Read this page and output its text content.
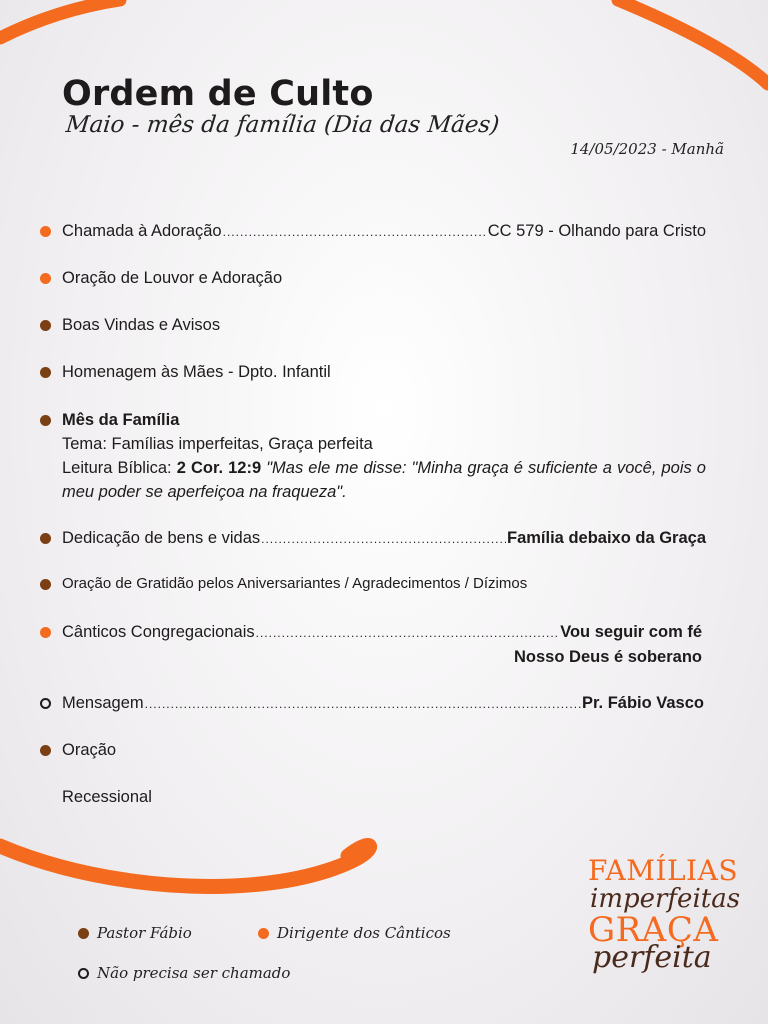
Ordem de Culto
Maio - mês da família (Dia das Mães)
14/05/2023 - Manhã
Chamada à Adoração .....	CC 579 - Olhando para Cristo
Oração de Louvor e Adoração
Boas Vindas e Avisos
Homenagem às Mães - Dpto. Infantil
Mês da Família
Tema: Famílias imperfeitas, Graça perfeita
Leitura Bíblica: 2 Cor. 12:9 "Mas ele me disse: "Minha graça é suficiente a você, pois o meu poder se aperfeiçoa na fraqueza".
Dedicação de bens e vidas .....	Família debaixo da Graça
Oração de Gratidão pelos Aniversariantes / Agradecimentos / Dízimos
Cânticos Congregacionais .....	Vou seguir com fé
Nosso Deus é soberano
Mensagem .....	Pr. Fábio Vasco
Oração
Recessional
Pastor Fábio	Dirigente dos Cânticos
Não precisa ser chamado
FAMÍLIAS
imperfeitas
GRAÇA
perfeita
